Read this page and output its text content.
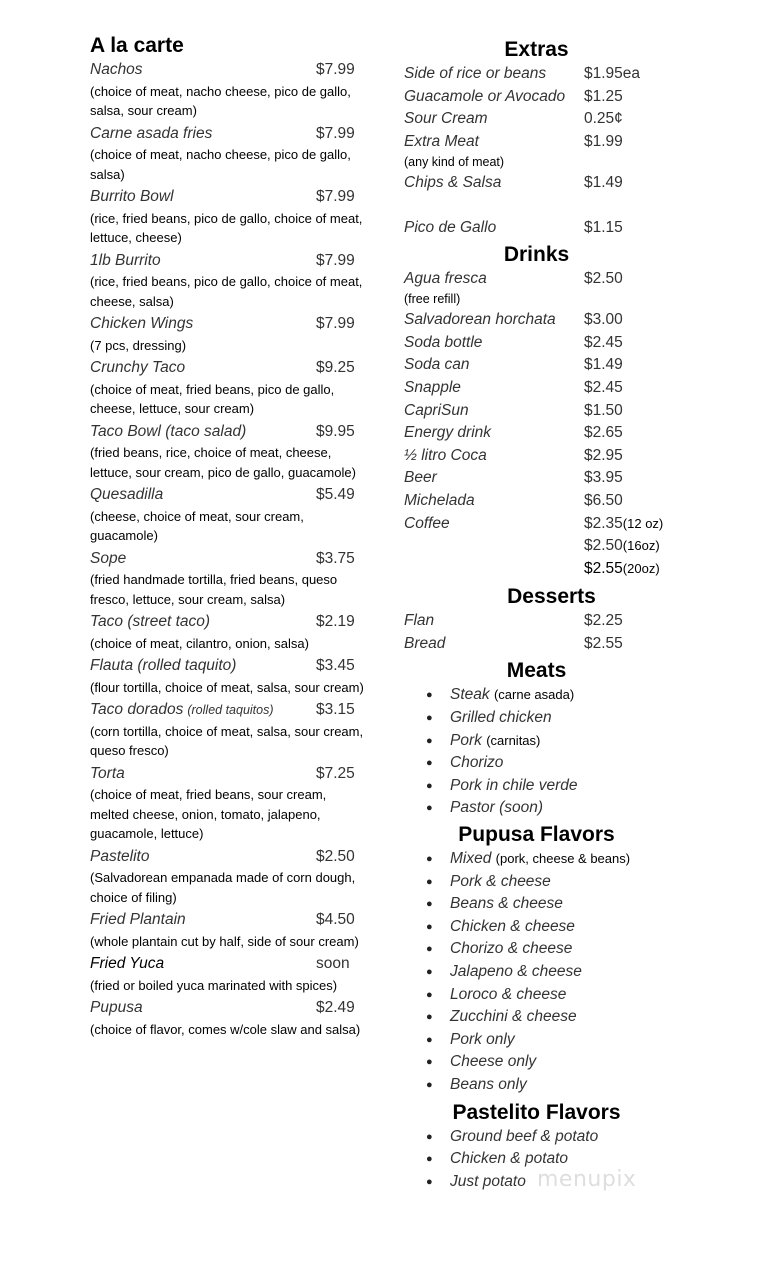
A la carte
Nachos	$7.99
(choice of meat, nacho cheese, pico de gallo, salsa, sour cream)
Carne asada fries	$7.99
(choice of meat, nacho cheese, pico de gallo, salsa)
Burrito Bowl	$7.99
(rice, fried beans, pico de gallo, choice of meat, lettuce, cheese)
1lb Burrito	$7.99
(rice, fried beans, pico de gallo, choice of meat, cheese, salsa)
Chicken Wings	$7.99
(7 pcs, dressing)
Crunchy Taco	$9.25
(choice of meat, fried beans, pico de gallo, cheese, lettuce, sour cream)
Taco Bowl (taco salad)	$9.95
(fried beans, rice, choice of meat, cheese, lettuce, sour cream, pico de gallo, guacamole)
Quesadilla	$5.49
(cheese, choice of meat, sour cream, guacamole)
Sope	$3.75
(fried handmade tortilla, fried beans, queso fresco, lettuce, sour cream, salsa)
Taco (street taco)	$2.19
(choice of meat, cilantro, onion, salsa)
Flauta (rolled taquito)	$3.45
(flour tortilla, choice of meat, salsa, sour cream)
Taco dorados (rolled taquitos)	$3.15
(corn tortilla, choice of meat, salsa, sour cream, queso fresco)
Torta	$7.25
(choice of meat, fried beans, sour cream, melted cheese, onion, tomato, jalapeno, guacamole, lettuce)
Pastelito	$2.50
(Salvadorean empanada made of corn dough, choice of filing)
Fried Plantain	$4.50
(whole plantain cut by half, side of sour cream)
Fried Yuca	soon
(fried or boiled yuca marinated with spices)
Pupusa	$2.49
(choice of flavor, comes w/cole slaw and salsa)
Extras
Side of rice or beans $1.95ea
Guacamole or Avocado $1.25
Sour Cream	0.25¢
Extra Meat	$1.99
(any kind of meat)
Chips & Salsa	$1.49
Pico de Gallo	$1.15
Drinks
Agua fresca	$2.50
(free refill)
Salvadorean horchata $3.00
Soda bottle	$2.45
Soda can	$1.49
Snapple	$2.45
CapriSun	$1.50
Energy drink	$2.65
½ litro Coca	$2.95
Beer	$3.95
Michelada	$6.50
Coffee	$2.35(12 oz)
$2.50(16oz)
$2.55(20oz)
Desserts
Flan	$2.25
Bread	$2.55
Meats
● Steak (carne asada)
● Grilled chicken
● Pork (carnitas)
● Chorizo
● Pork in chile verde
● Pastor (soon)
Pupusa Flavors
● Mixed (pork, cheese & beans)
● Pork & cheese
● Beans & cheese
● Chicken & cheese
● Chorizo & cheese
● Jalapeno & cheese
● Loroco & cheese
● Zucchini & cheese
● Pork only
● Cheese only
● Beans only
Pastelito Flavors
● Ground beef & potato
● Chicken & potato
● Just potato menupix
